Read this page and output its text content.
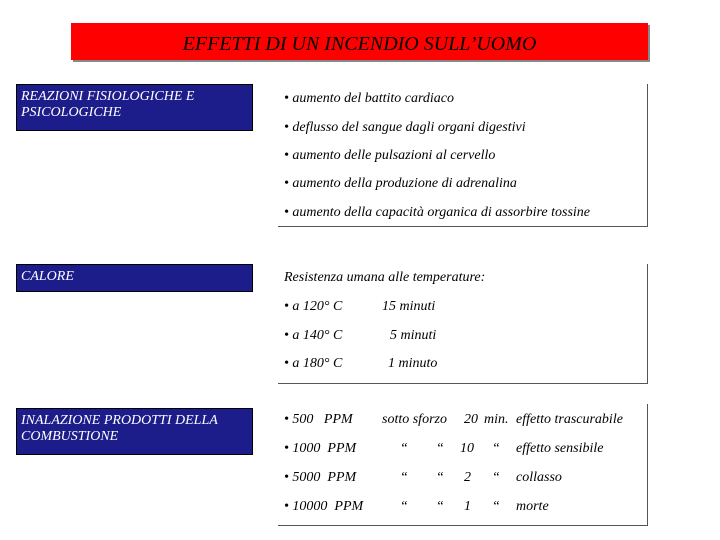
EFFETTI DI UN INCENDIO SULL’UOMO
REAZIONI FISIOLOGICHE E PSICOLOGICHE
• aumento del battito cardiaco
• deflusso del sangue dagli organi digestivi
• aumento delle pulsazioni al cervello
• aumento della produzione di adrenalina
• aumento della capacità organica di assorbire tossine
CALORE	Resistenza umana alle temperature:
• a 120° C	15 minuti
• a 140° C	5 minuti
• a 180° C	1 minuto
INALAZIONE PRODOTTI DELLA COMBUSTIONE
• 500   PPM sotto sforzo 20 min. effetto trascurabile
• 1000  PPM	“ “ 10 “ effetto sensibile
• 5000  PPM	“ “ 2 “ collasso
• 10000  PPM	“ “ 1 “ morte
